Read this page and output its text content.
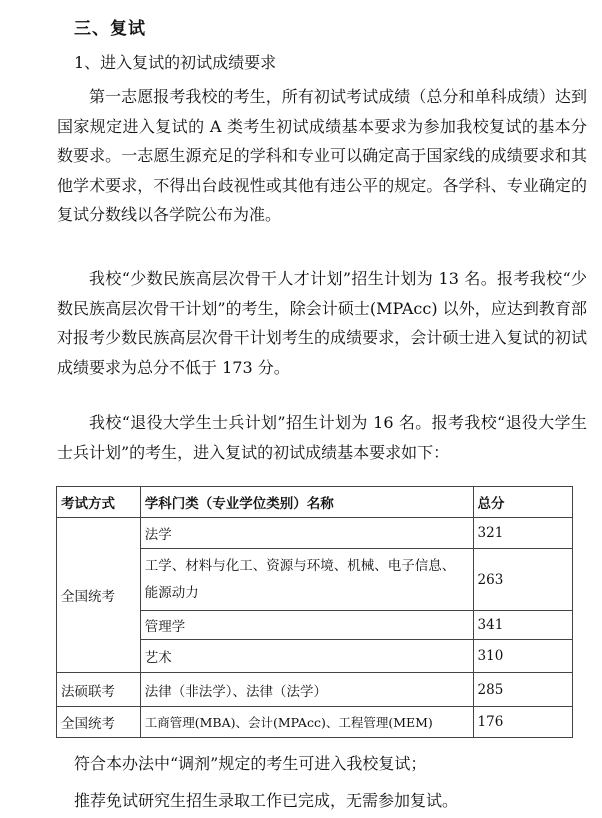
三、复试
1、进入复试的初试成绩要求
第一志愿报考我校的考生，所有初试考试成绩（总分和单科成绩）达到国家规定进入复试的 A 类考生初试成绩基本要求为参加我校复试的基本分数要求。一志愿生源充足的学科和专业可以确定高于国家线的成绩要求和其他学术要求，不得出台歧视性或其他有违公平的规定。各学科、专业确定的复试分数线以各学院公布为准。
我校“少数民族高层次骨干人才计划”招生计划为 13 名。报考我校“少数民族高层次骨干计划”的考生，除会计硕士(MPAcc) 以外，应达到教育部对报考少数民族高层次骨干计划考生的成绩要求，会计硕士进入复试的初试成绩要求为总分不低于 173 分。
我校“退役大学生士兵计划”招生计划为 16 名。报考我校“退役大学生士兵计划”的考生，进入复试的初试成绩基本要求如下：
考试方式	学科门类（专业学位类别）名称	总分
全国统考	法学	321
	工学、材料与化工、资源与环境、机械、电子信息、能源动力	263
	管理学	341
	艺术	310
法硕联考	法律（非法学）、法律（法学）	285
全国统考	工商管理(MBA)、会计(MPAcc)、工程管理(MEM)	176
符合本办法中“调剂”规定的考生可进入我校复试；
推荐免试研究生招生录取工作已完成，无需参加复试。
